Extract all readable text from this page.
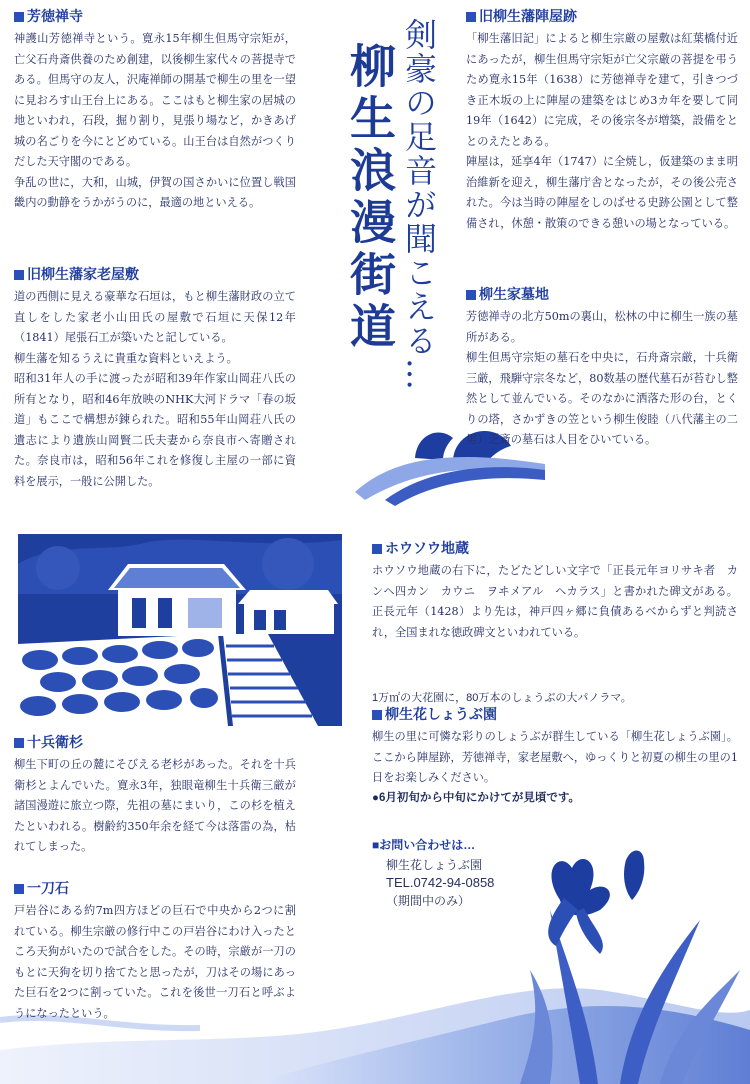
剣豪の足音が聞こえる…
柳生浪漫街道
芳徳禅寺
神護山芳徳禅寺という。寛永15年柳生但馬守宗矩が，亡父石舟斎供養のため創建，以後柳生家代々の菩提寺である。但馬守の友人，沢庵禅師の開基で柳生の里を一望に見おろす山王台上にある。ここはもと柳生家の居城の地といわれ，石段，掘り割り，見張り場など，かきあげ城の名ごりを今にとどめている。山王台は自然がつくりだした天守閣のである。
争乱の世に，大和，山城，伊賀の国さかいに位置し戦国畿内の動静をうかがうのに，最適の地といえる。
旧柳生藩家老屋敷
道の西側に見える豪華な石垣は，もと柳生藩財政の立て直しをした家老小山田氏の屋敷で石垣に天保12年（1841）尾張石工が築いたと記している。
柳生藩を知るうえに貴重な資料といえよう。
昭和31年人の手に渡ったが昭和39年作家山岡荘八氏の所有となり，昭和46年放映のNHK大河ドラマ「春の坂道」もここで構想が錬られた。昭和55年山岡荘八氏の遺志により遺族山岡賢二氏夫妻から奈良市へ寄贈された。奈良市は，昭和56年これを修復し主屋の一部に資料を展示，一般に公開した。
十兵衛杉
柳生下町の丘の麓にそびえる老杉があった。それを十兵衛杉とよんでいた。寛永3年，独眼竜柳生十兵衛三厳が諸国漫遊に旅立つ際，先祖の墓にまいり，この杉を植えたといわれる。樹齢約350年余を経て今は落雷の為，枯れてしまった。
一刀石
戸岩谷にある約7m四方ほどの巨石で中央から2つに割れている。柳生宗厳の修行中この戸岩谷にわけ入ったところ天狗がいたので試合をした。その時，宗厳が一刀のもとに天狗を切り捨てたと思ったが，刀はその場にあった巨石を2つに割っていた。これを後世一刀石と呼ぶようになったという。
旧柳生藩陣屋跡
「柳生藩旧記」によると柳生宗厳の屋敷は紅葉橋付近にあったが，柳生但馬守宗矩が亡父宗厳の菩提を弔うため寛永15年（1638）に芳徳禅寺を建て，引きつづき正木坂の上に陣屋の建築をはじめ3カ年を要して同19年（1642）に完成，その後宗冬が増築，設備をととのえたとある。
陣屋は，延享4年（1747）に全焼し，仮建築のまま明治維新を迎え，柳生藩庁舎となったが，その後公売された。今は当時の陣屋をしのばせる史跡公園として整備され，休憩・散策のできる憩いの場となっている。
柳生家墓地
芳徳禅寺の北方50mの裏山，松林の中に柳生一族の墓所がある。
柳生但馬守宗矩の墓石を中央に，石舟斎宗厳，十兵衛三厳，飛騨守宗冬など，80数基の歴代墓石が苔むし整然として並んでいる。そのなかに洒落た形の台，とくりの塔，さかずきの笠という柳生俊睦（八代藩主の二男）乏斎の墓石は人目をひいている。
ホウソウ地蔵
ホウソウ地蔵の右下に，たどたどしい文字で「正長元年ヨリサキ者　カンヘ四カン　カウニ　ヲヰメアル　ヘカラス」と書かれた碑文がある。正長元年（1428）より先は，神戸四ヶ郷に負債あるべからずと判読され，全国まれな徳政碑文といわれている。
1万㎡の大花園に，80万本のしょうぶの大パノラマ。
柳生花しょうぶ園
柳生の里に可憐な彩りのしょうぶが群生している「柳生花しょうぶ園」。ここから陣屋跡，芳徳禅寺，家老屋敷へ，ゆっくりと初夏の柳生の里の1日をお楽しみください。
●6月初旬から中旬にかけてが見頃です。
■お問い合わせは…
柳生花しょうぶ園
TEL.0742-94-0858
（期間中のみ）
